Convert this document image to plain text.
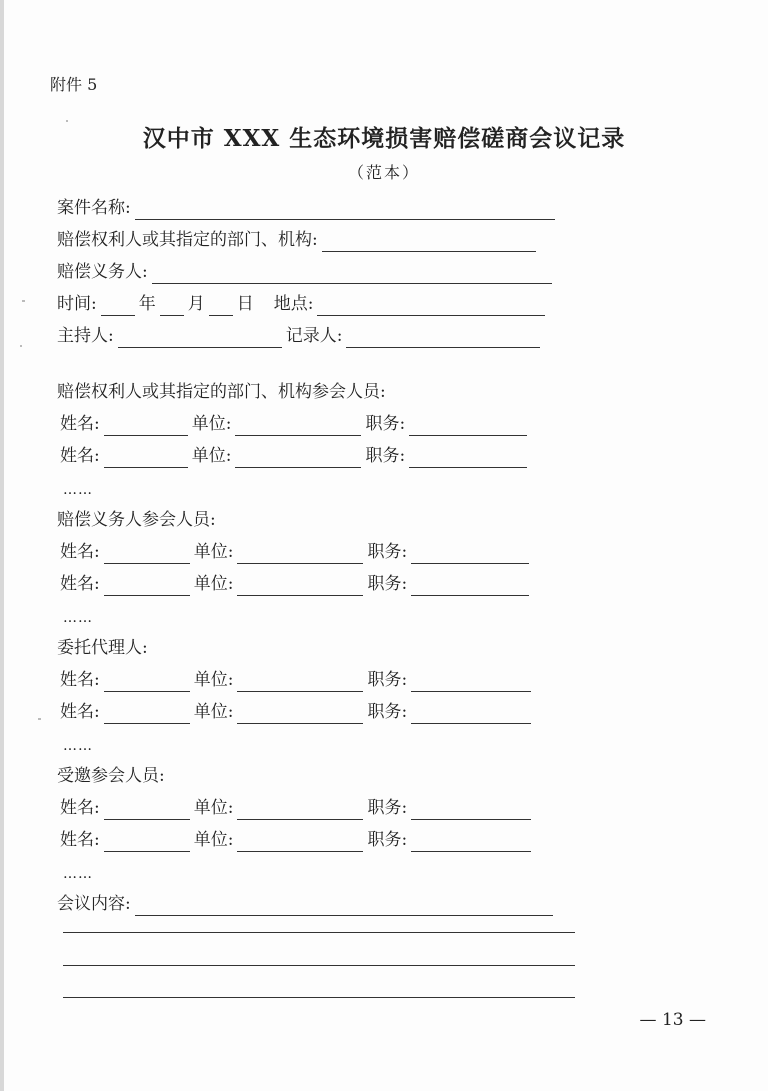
附件 5
汉中市 XXX 生态环境损害赔偿磋商会议记录
（范本）
案件名称:
赔偿权利人或其指定的部门、机构:
赔偿义务人:
时间: 年 月 日 地点:
主持人:	记录人:
赔偿权利人或其指定的部门、机构参会人员:
姓名:	单位:	职务:
姓名:	单位:	职务:
……
赔偿义务人参会人员:
姓名:	单位:	职务:
姓名:	单位:	职务:
……
委托代理人:
姓名:	单位:	职务:
姓名:	单位:	职务:
……
受邀参会人员:
姓名:	单位:	职务:
姓名:	单位:	职务:
……
会议内容:
— 13 —
